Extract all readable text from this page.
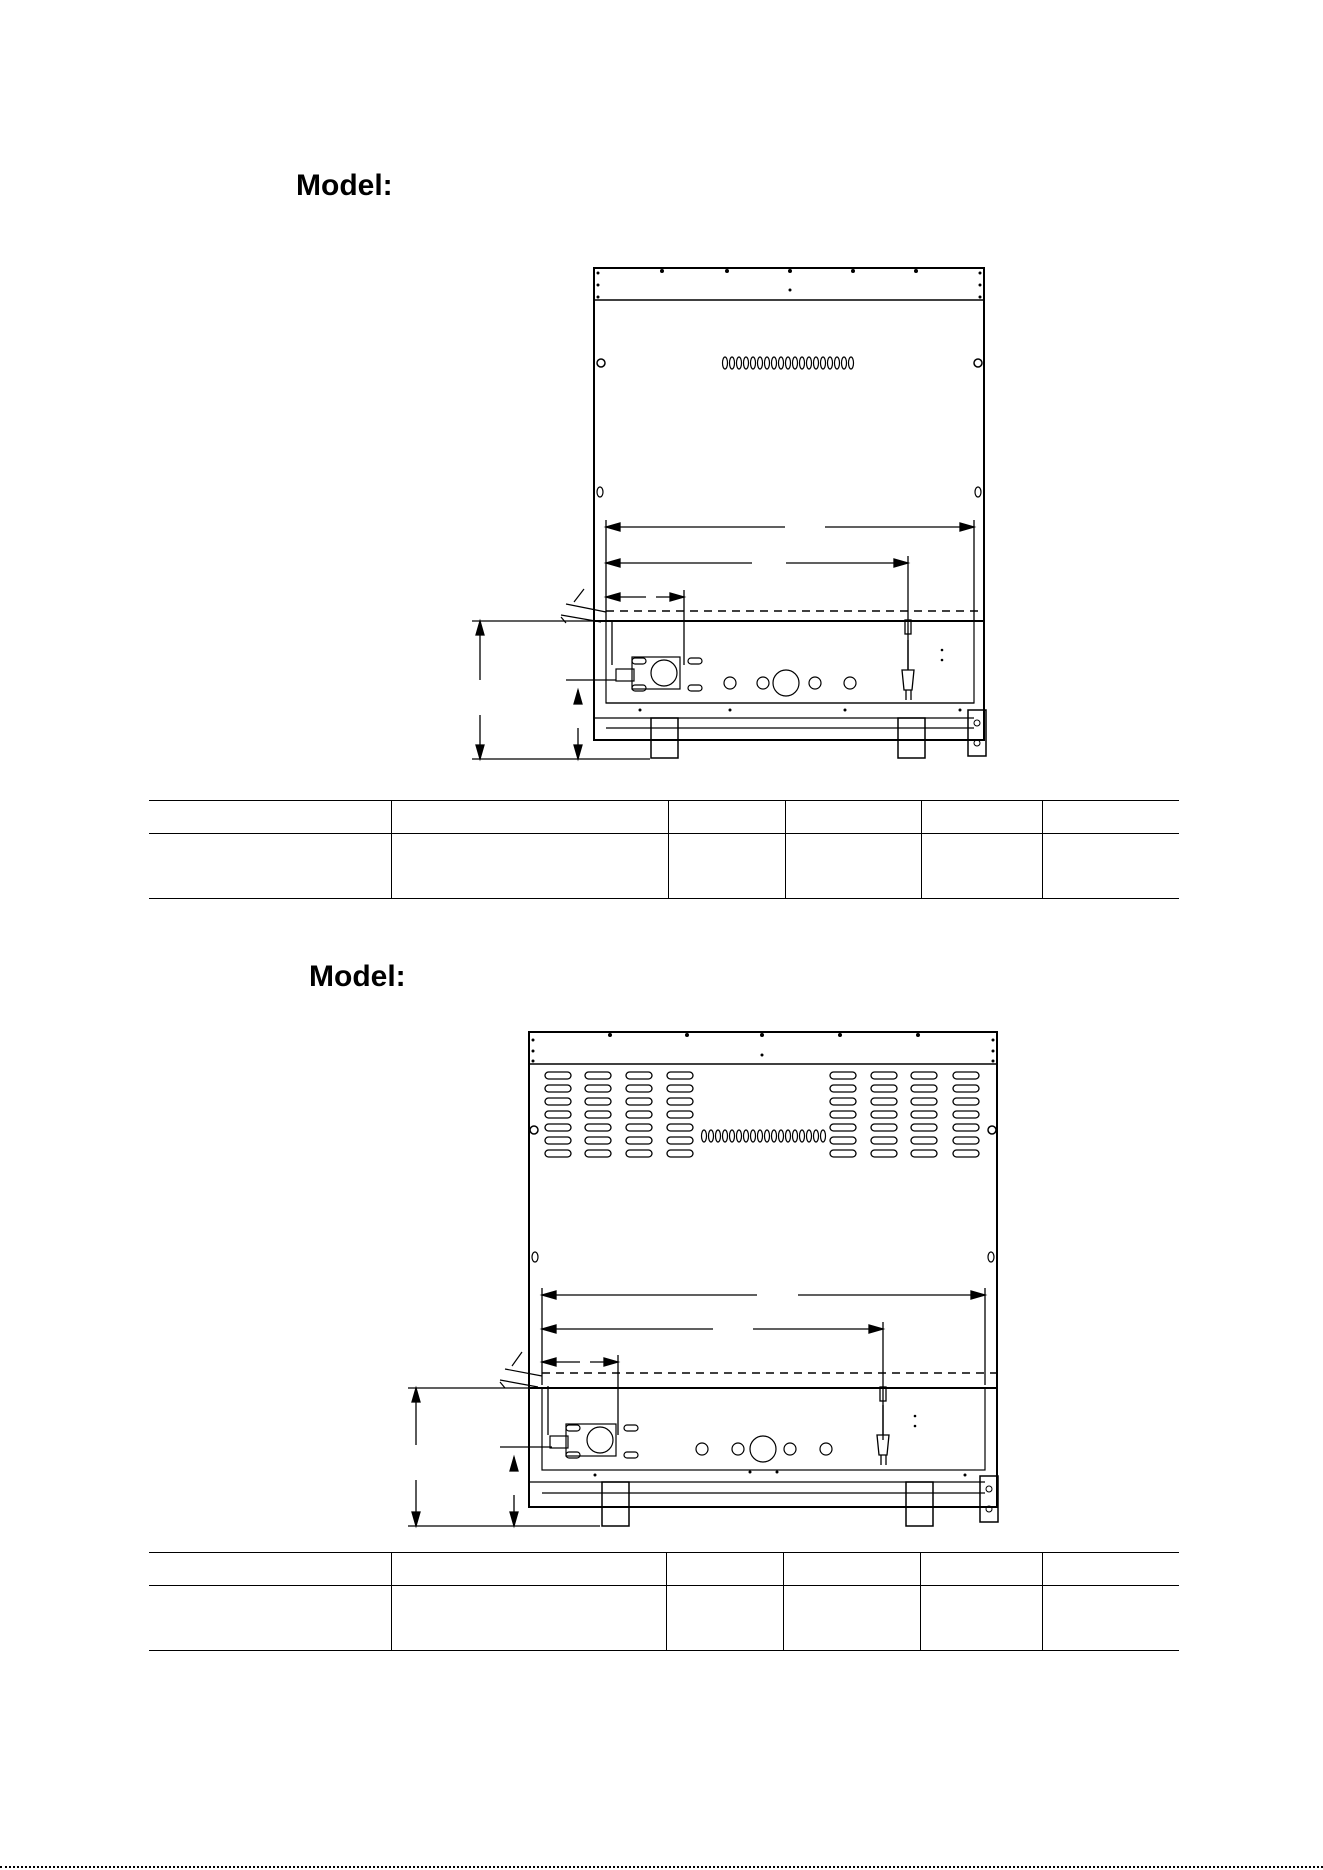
Model:

Model:
